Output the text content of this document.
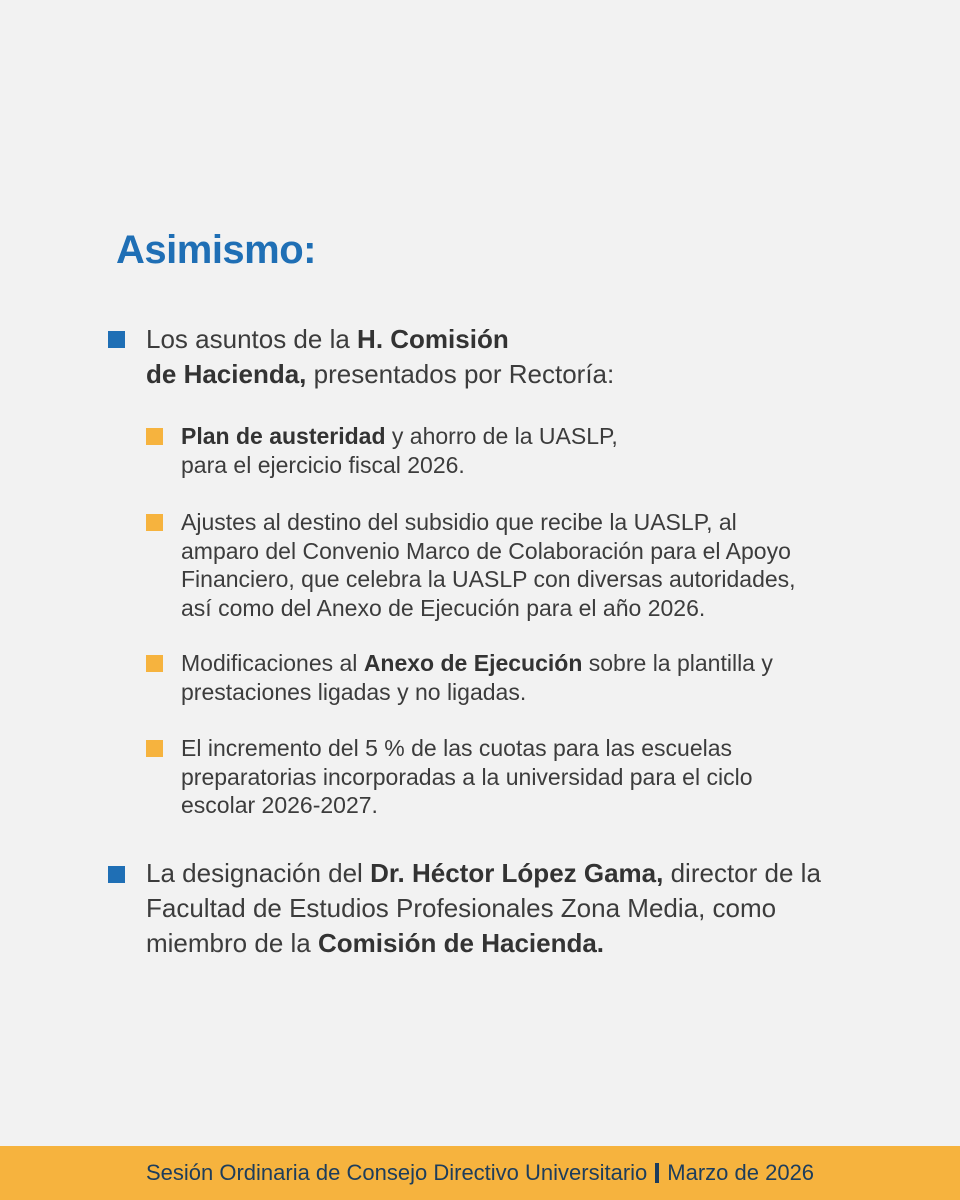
Asimismo:

Los asuntos de la H. Comisión
de Hacienda, presentados por Rectoría:

Plan de austeridad y ahorro de la UASLP,
para el ejercicio fiscal 2026.

Ajustes al destino del subsidio que recibe la UASLP, al
amparo del Convenio Marco de Colaboración para el Apoyo
Financiero, que celebra la UASLP con diversas autoridades,
así como del Anexo de Ejecución para el año 2026.

Modificaciones al Anexo de Ejecución sobre la plantilla y
prestaciones ligadas y no ligadas.

El incremento del 5 % de las cuotas para las escuelas
preparatorias incorporadas a la universidad para el ciclo
escolar 2026-2027.

La designación del Dr. Héctor López Gama, director de la
Facultad de Estudios Profesionales Zona Media, como
miembro de la Comisión de Hacienda.

Sesión Ordinaria de Consejo Directivo Universitario Marzo de 2026
